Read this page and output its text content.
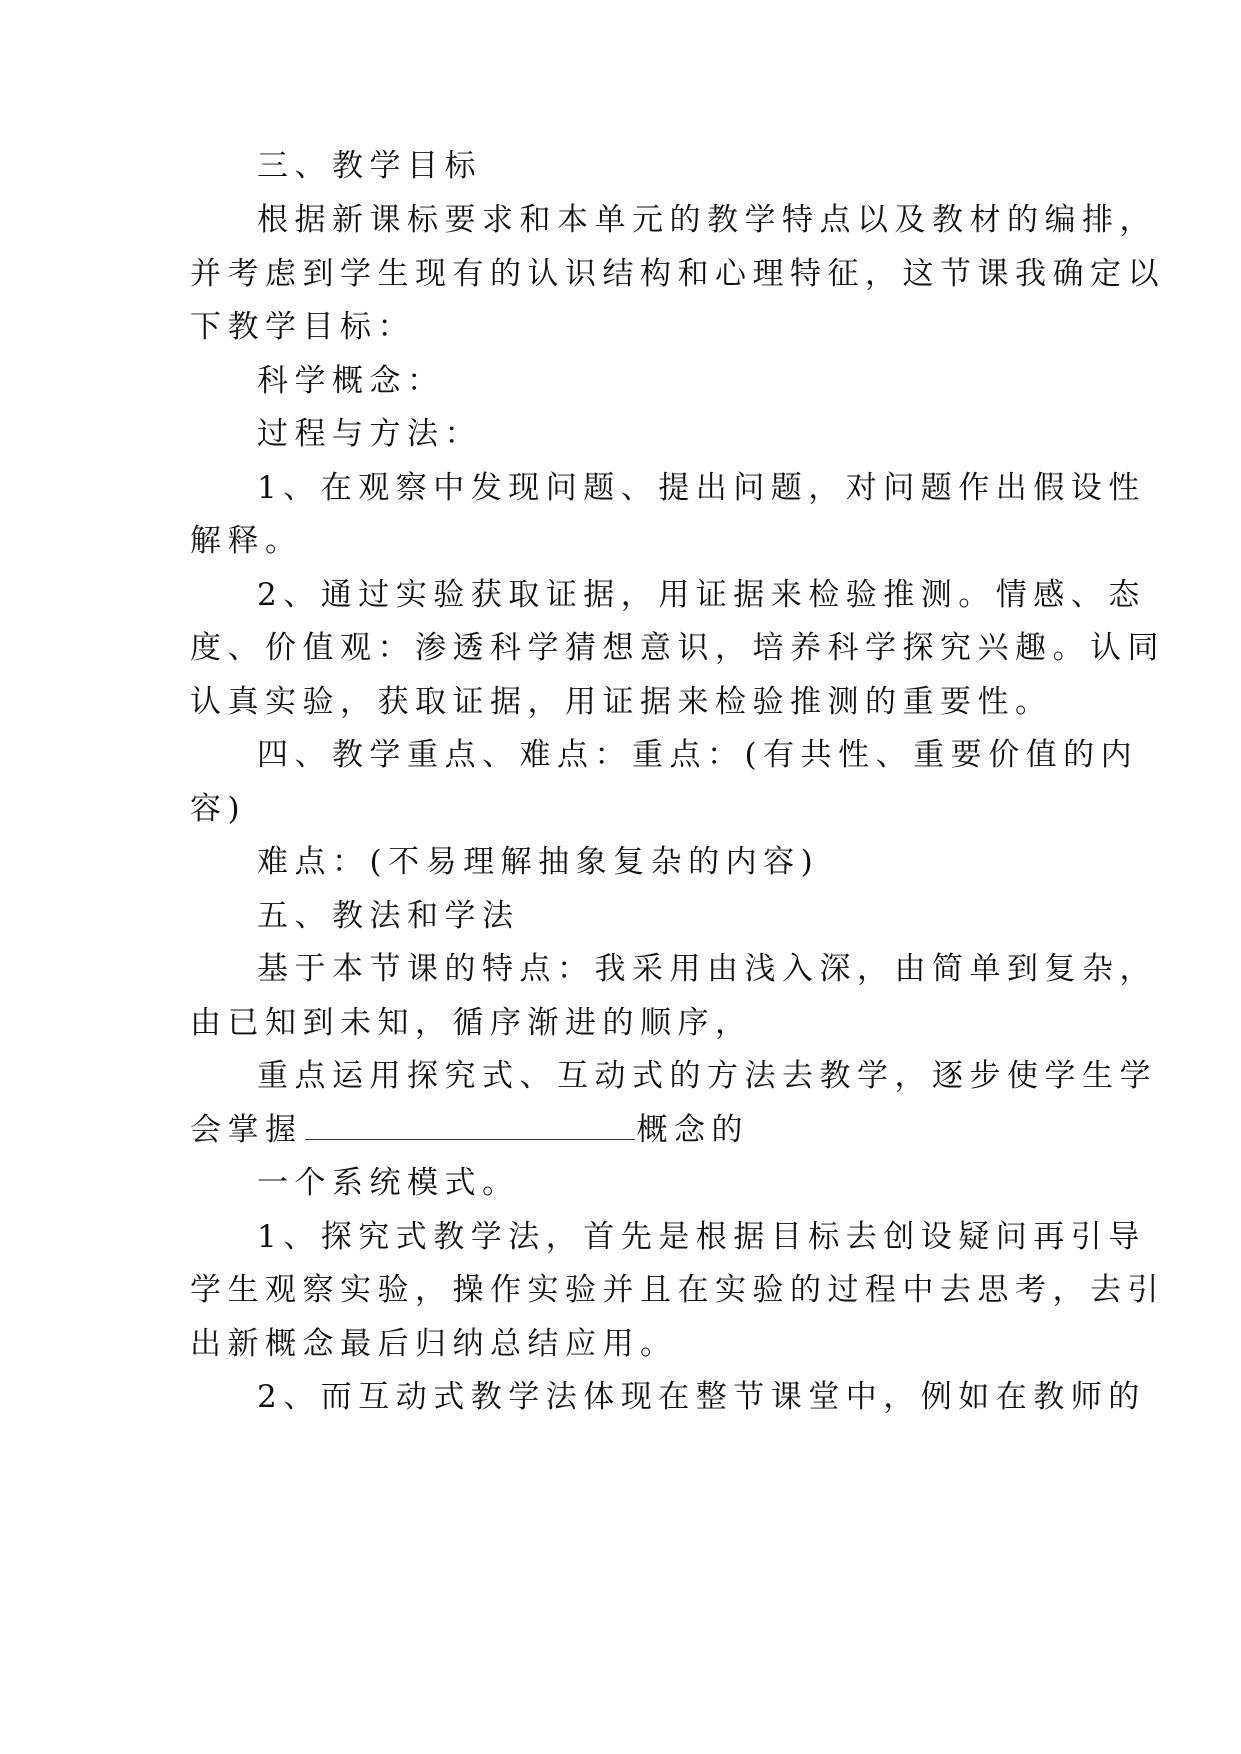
三、教学目标
根据新课标要求和本单元的教学特点以及教材的编排，
并考虑到学生现有的认识结构和心理特征，这节课我确定以
下教学目标：
科学概念：
过程与方法：
1、在观察中发现问题、提出问题，对问题作出假设性
解释。
2、通过实验获取证据，用证据来检验推测。情感、态
度、价值观：渗透科学猜想意识，培养科学探究兴趣。认同
认真实验，获取证据，用证据来检验推测的重要性。
四、教学重点、难点：重点：(有共性、重要价值的内
容)
难点：(不易理解抽象复杂的内容)
五、教法和学法
基于本节课的特点：我采用由浅入深，由简单到复杂，
由已知到未知，循序渐进的顺序，
重点运用探究式、互动式的方法去教学，逐步使学生学
会掌握	概念的
一个系统模式。
1、探究式教学法，首先是根据目标去创设疑问再引导
学生观察实验，操作实验并且在实验的过程中去思考，去引
出新概念最后归纳总结应用。
2、而互动式教学法体现在整节课堂中，例如在教师的
